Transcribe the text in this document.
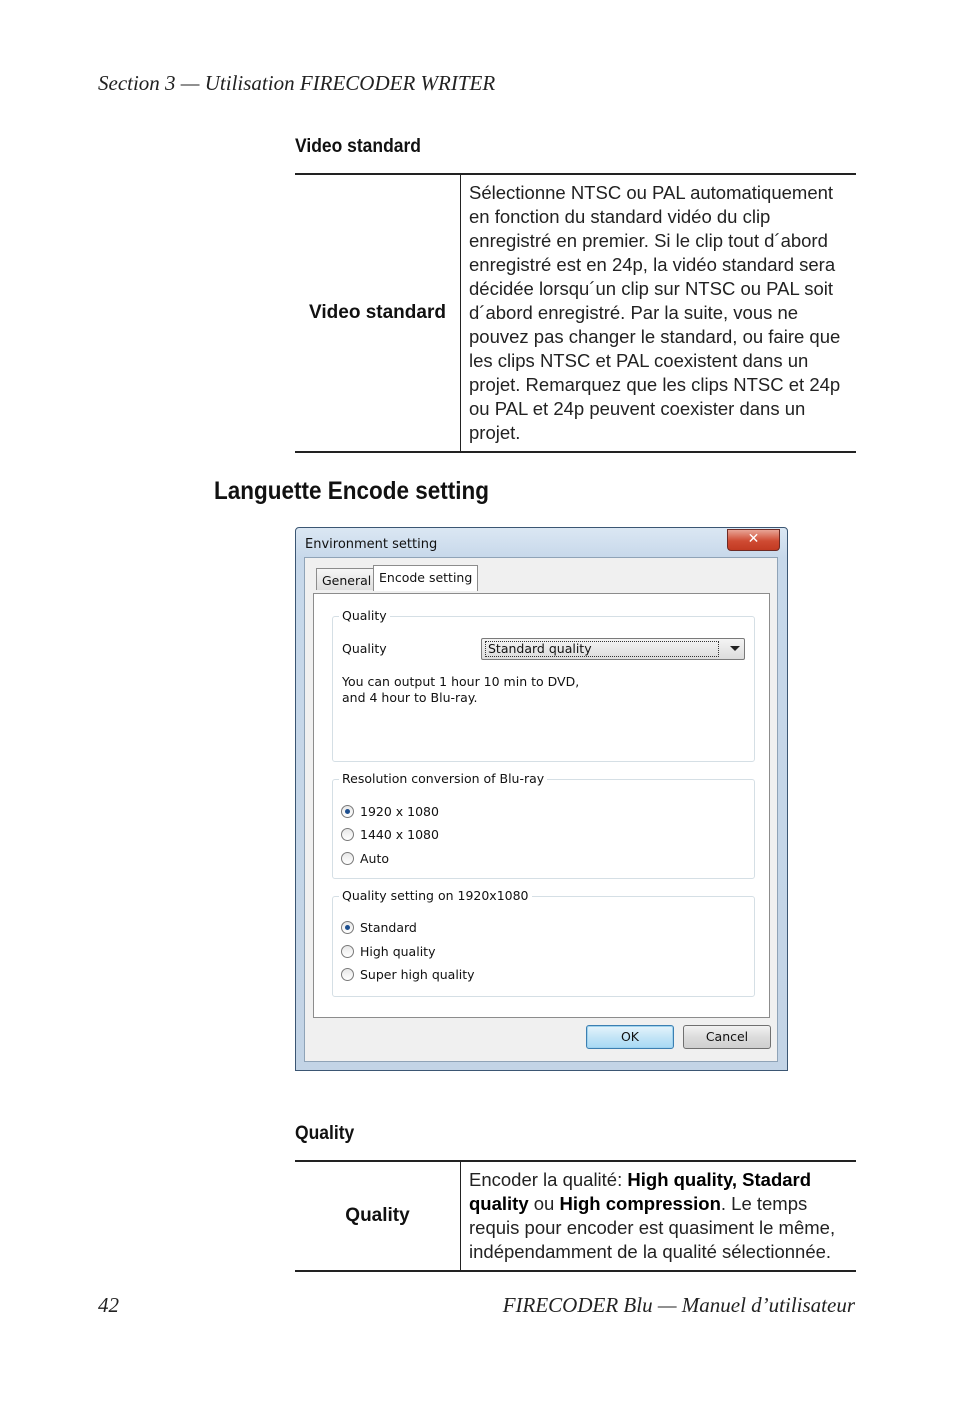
Section 3 — Utilisation FIRECODER WRITER
Video standard
Video standard	Sélectionne NTSC ou PAL automatiquement en fonction du standard vidéo du clip enregistré en premier. Si le clip tout d´abord enregistré est en 24p, la vidéo standard sera décidée lorsqu´un clip sur NTSC ou PAL soit d´abord enregistré. Par la suite, vous ne pouvez pas changer le standard, ou faire que les clips NTSC et PAL coexistent dans un projet. Remarquez que les clips NTSC et 24p ou PAL et 24p peuvent coexister dans un projet.
Languette Encode setting
Environment setting	✕
General Encode setting
Quality
Quality	Standard quality
You can output 1 hour 10 min to DVD,
and 4 hour to Blu-ray.
Resolution conversion of Blu-ray
1920 x 1080
1440 x 1080
Auto
Quality setting on 1920x1080
Standard
High quality
Super high quality
OK	Cancel
Quality
Quality	Encoder la qualité: High quality, Stadard quality ou High compression. Le temps requis pour encoder est quasiment le même, indépendamment de la qualité sélectionnée.
42	FIRECODER Blu — Manuel d’utilisateur
